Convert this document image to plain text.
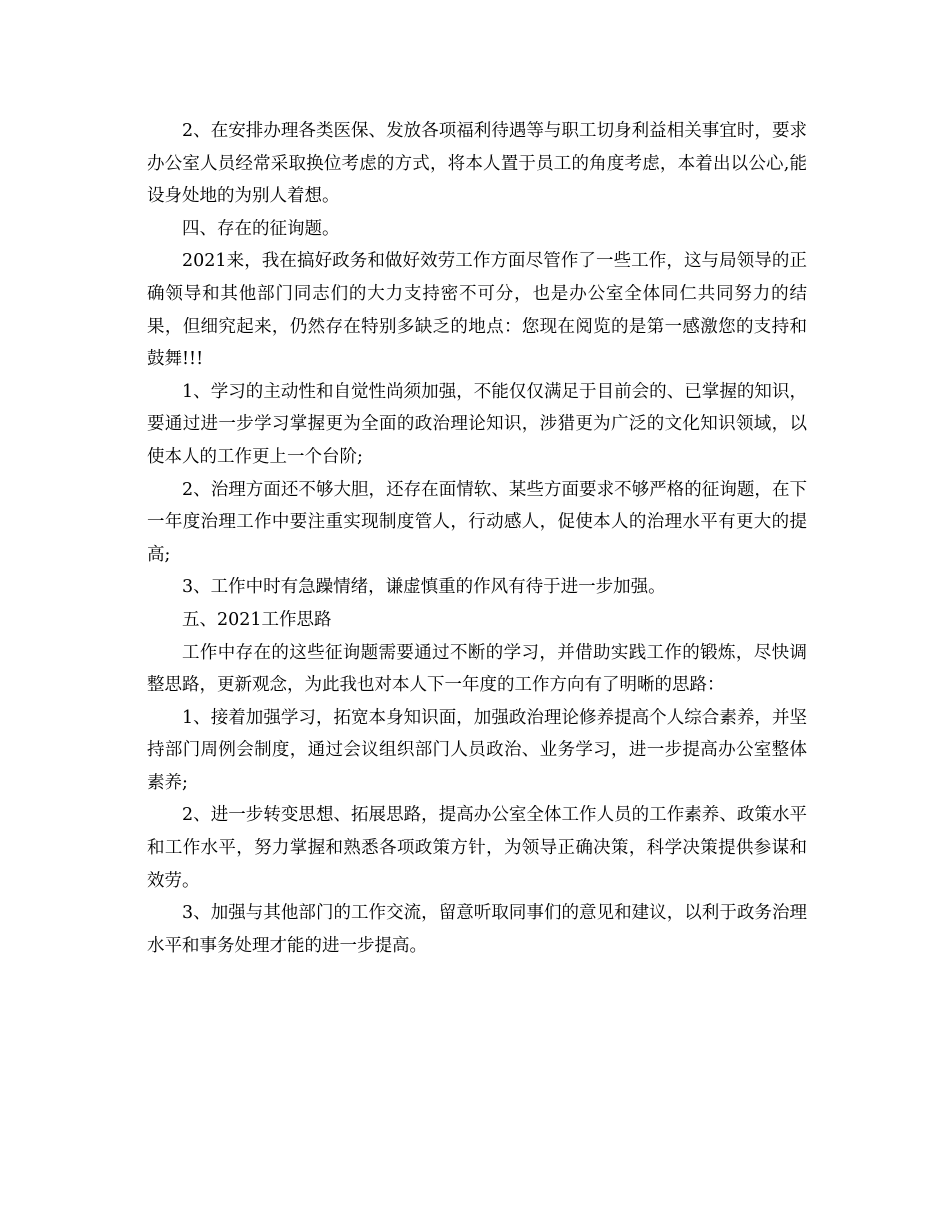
2、在安排办理各类医保、发放各项福利待遇等与职工切身利益相关事宜时，要求办公室人员经常采取换位考虑的方式，将本人置于员工的角度考虑，本着出以公心,能设身处地的为别人着想。

四、存在的征询题。

2021来，我在搞好政务和做好效劳工作方面尽管作了一些工作，这与局领导的正确领导和其他部门同志们的大力支持密不可分，也是办公室全体同仁共同努力的结果，但细究起来，仍然存在特别多缺乏的地点：您现在阅览的是第一感激您的支持和鼓舞!!!

1、学习的主动性和自觉性尚须加强，不能仅仅满足于目前会的、已掌握的知识，要通过进一步学习掌握更为全面的政治理论知识，涉猎更为广泛的文化知识领域，以使本人的工作更上一个台阶;

2、治理方面还不够大胆，还存在面情软、某些方面要求不够严格的征询题，在下一年度治理工作中要注重实现制度管人，行动感人，促使本人的治理水平有更大的提高;

3、工作中时有急躁情绪，谦虚慎重的作风有待于进一步加强。

五、2021工作思路

工作中存在的这些征询题需要通过不断的学习，并借助实践工作的锻炼，尽快调整思路，更新观念，为此我也对本人下一年度的工作方向有了明晰的思路：

1、接着加强学习，拓宽本身知识面，加强政治理论修养提高个人综合素养，并坚持部门周例会制度，通过会议组织部门人员政治、业务学习，进一步提高办公室整体素养;

2、进一步转变思想、拓展思路，提高办公室全体工作人员的工作素养、政策水平和工作水平，努力掌握和熟悉各项政策方针，为领导正确决策，科学决策提供参谋和效劳。

3、加强与其他部门的工作交流，留意听取同事们的意见和建议，以利于政务治理水平和事务处理才能的进一步提高。
